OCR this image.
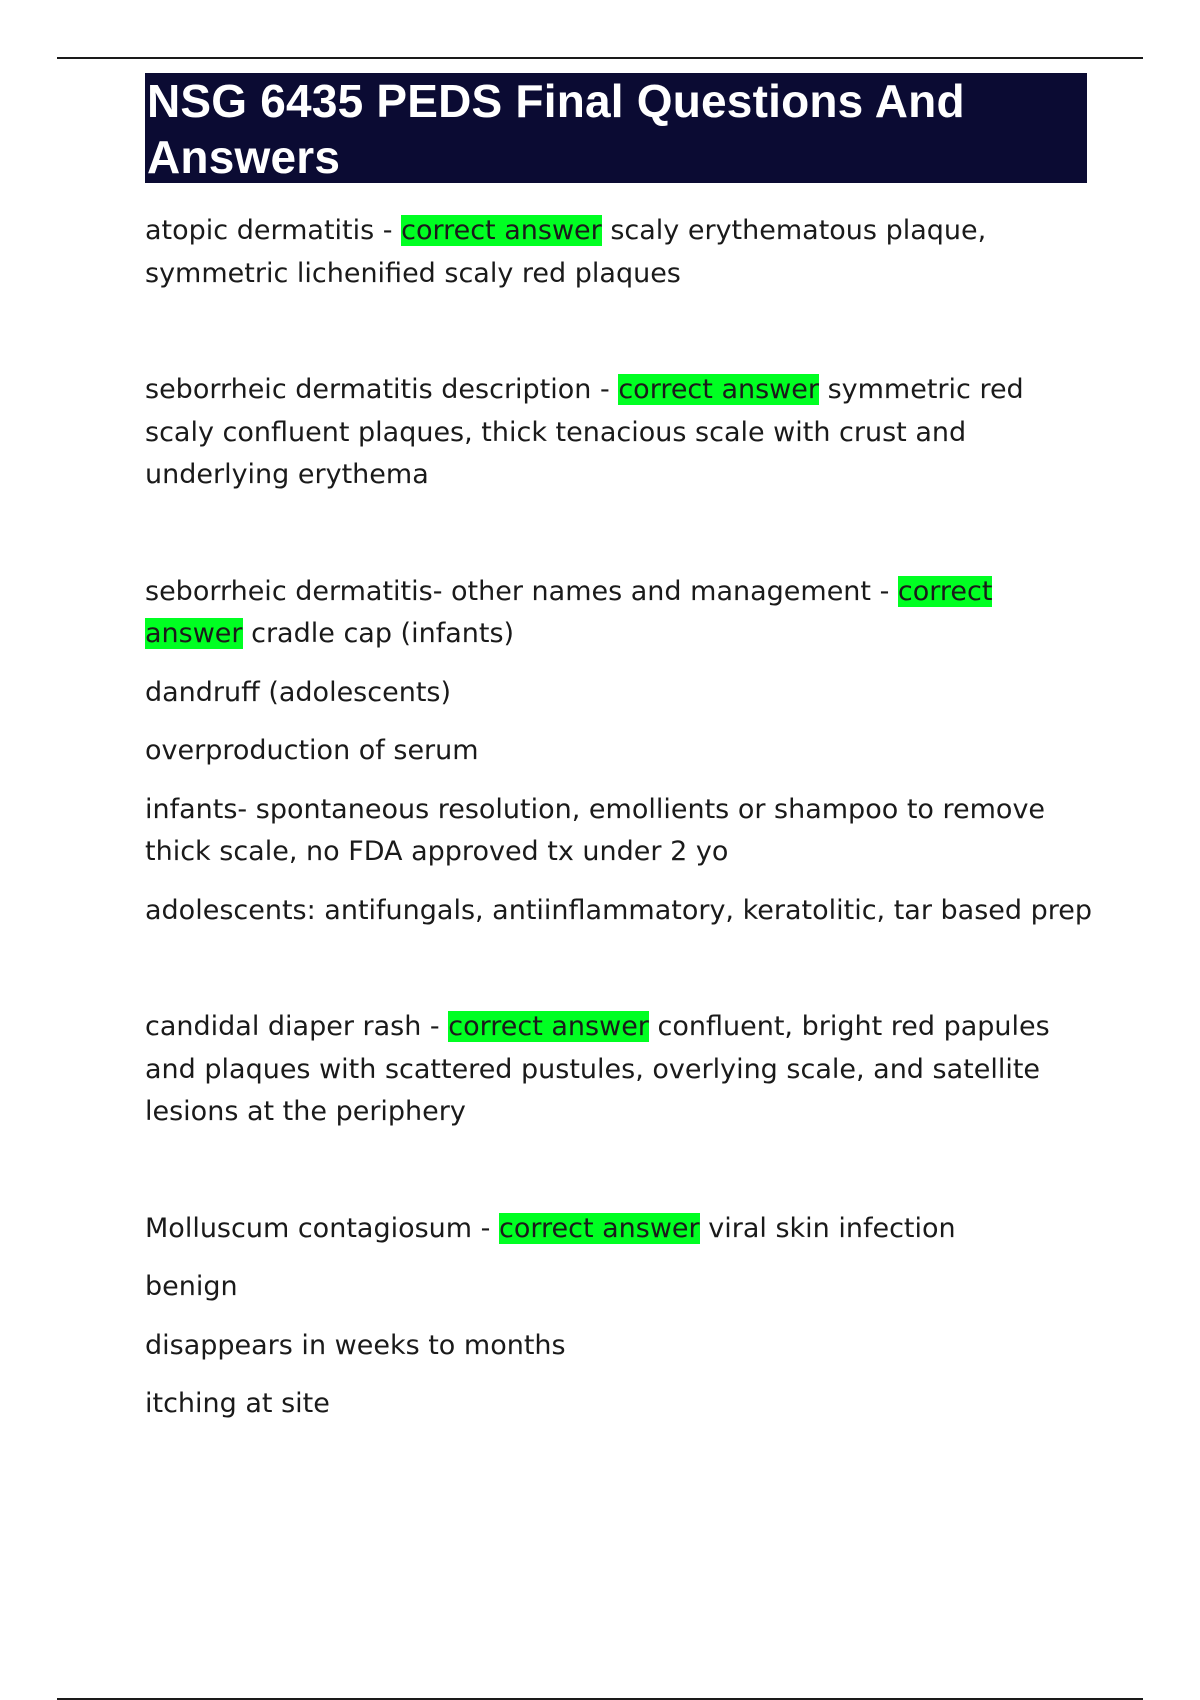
NSG 6435 PEDS Final Questions And Answers

atopic dermatitis - correct answer scaly erythematous plaque, symmetric lichenified scaly red plaques

seborrheic dermatitis description - correct answer symmetric red scaly confluent plaques, thick tenacious scale with crust and underlying erythema

seborrheic dermatitis- other names and management - correct answer cradle cap (infants)

dandruff (adolescents)

overproduction of serum

infants- spontaneous resolution, emollients or shampoo to remove thick scale, no FDA approved tx under 2 yo

adolescents: antifungals, antiinflammatory, keratolitic, tar based prep

candidal diaper rash - correct answer confluent, bright red papules and plaques with scattered pustules, overlying scale, and satellite lesions at the periphery

Molluscum contagiosum - correct answer viral skin infection

benign

disappears in weeks to months

itching at site
